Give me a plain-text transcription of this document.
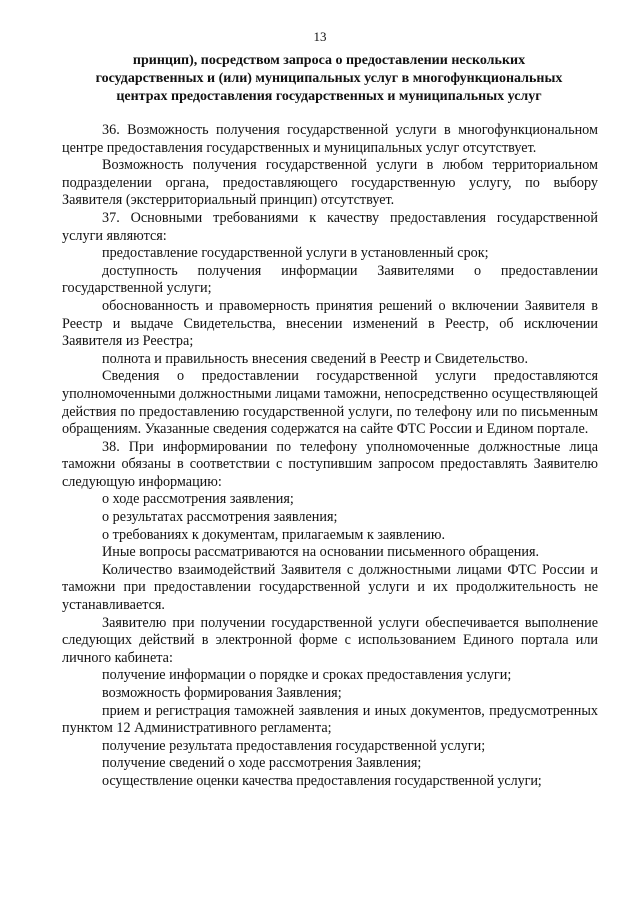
13
принцип), посредством запроса о предоставлении нескольких
государственных и (или) муниципальных услуг в многофункциональных
центрах предоставления государственных и муниципальных услуг

36. Возможность получения государственной услуги в многофункциональном центре предоставления государственных и муниципальных услуг отсутствует.

Возможность получения государственной услуги в любом территориальном подразделении органа, предоставляющего государственную услугу, по выбору Заявителя (экстерриториальный принцип) отсутствует.

37. Основными требованиями к качеству предоставления государственной услуги являются:

предоставление государственной услуги в установленный срок;

доступность получения информации Заявителями о предоставлении государственной услуги;

обоснованность и правомерность принятия решений о включении Заявителя в Реестр и выдаче Свидетельства, внесении изменений в Реестр, об исключении Заявителя из Реестра;

полнота и правильность внесения сведений в Реестр и Свидетельство.

Сведения о предоставлении государственной услуги предоставляются уполномоченными должностными лицами таможни, непосредственно осуществляющей действия по предоставлению государственной услуги, по телефону или по письменным обращениям. Указанные сведения содержатся на сайте ФТС России и Едином портале.

38. При информировании по телефону уполномоченные должностные лица таможни обязаны в соответствии с поступившим запросом предоставлять Заявителю следующую информацию:

о ходе рассмотрения заявления;

о результатах рассмотрения заявления;

о требованиях к документам, прилагаемым к заявлению.

Иные вопросы рассматриваются на основании письменного обращения.

Количество взаимодействий Заявителя с должностными лицами ФТС России и таможни при предоставлении государственной услуги и их продолжительность не устанавливается.

Заявителю при получении государственной услуги обеспечивается выполнение следующих действий в электронной форме с использованием Единого портала или личного кабинета:

получение информации о порядке и сроках предоставления услуги;

возможность формирования Заявления;

прием и регистрация таможней заявления и иных документов, предусмотренных пунктом 12 Административного регламента;

получение результата предоставления государственной услуги;

получение сведений о ходе рассмотрения Заявления;

осуществление оценки качества предоставления государственной услуги;
